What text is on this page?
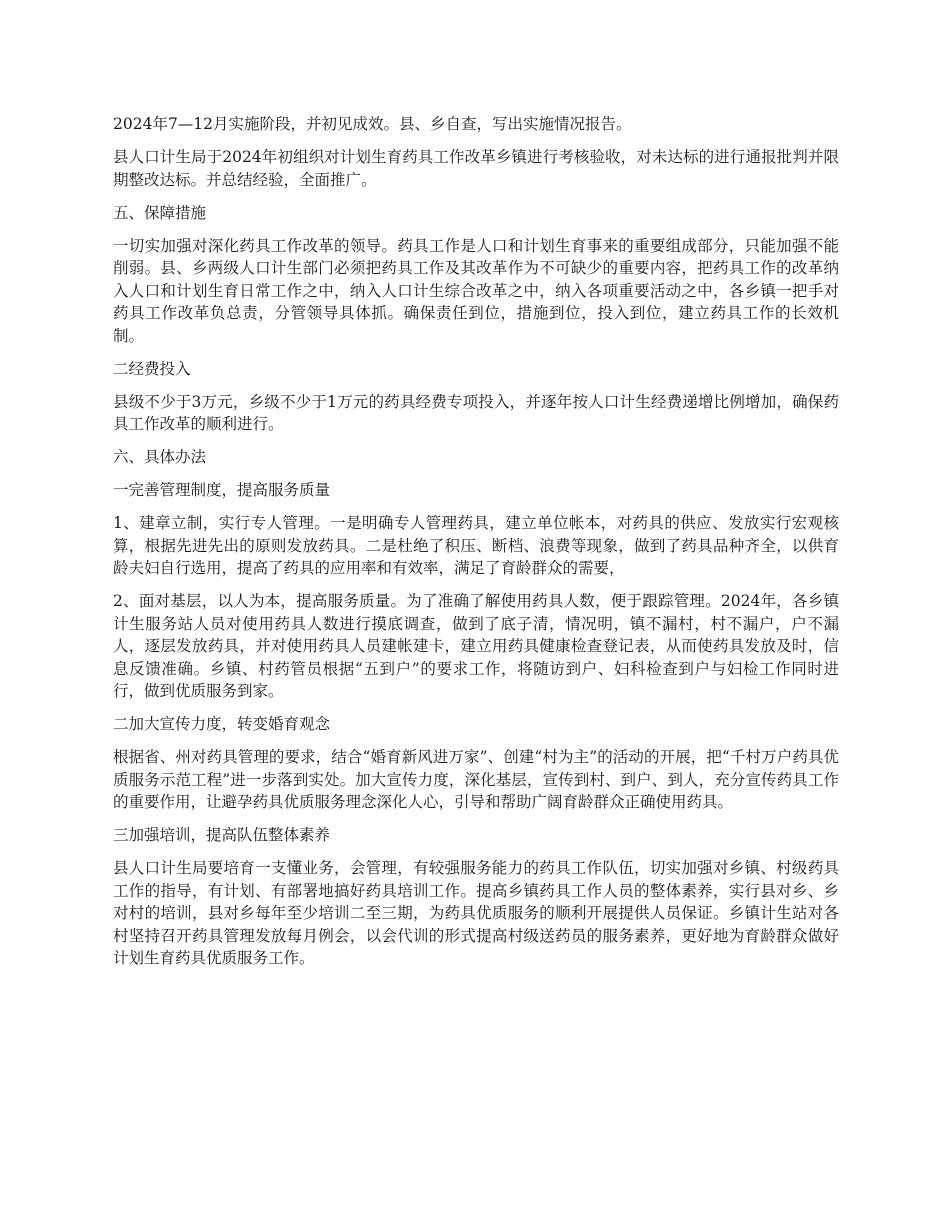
2024年7—12月实施阶段，并初见成效。县、乡自查，写出实施情况报告。

县人口计生局于2024年初组织对计划生育药具工作改革乡镇进行考核验收，对未达标的进行通报批判并限期整改达标。并总结经验，全面推广。

五、保障措施

一切实加强对深化药具工作改革的领导。药具工作是人口和计划生育事来的重要组成部分，只能加强不能削弱。县、乡两级人口计生部门必须把药具工作及其改革作为不可缺少的重要内容，把药具工作的改革纳入人口和计划生育日常工作之中，纳入人口计生综合改革之中，纳入各项重要活动之中，各乡镇一把手对药具工作改革负总责，分管领导具体抓。确保责任到位，措施到位，投入到位，建立药具工作的长效机制。

二经费投入

县级不少于3万元，乡级不少于1万元的药具经费专项投入，并逐年按人口计生经费递增比例增加，确保药具工作改革的顺利进行。

六、具体办法

一完善管理制度，提高服务质量

1、建章立制，实行专人管理。一是明确专人管理药具，建立单位帐本，对药具的供应、发放实行宏观核算，根据先进先出的原则发放药具。二是杜绝了积压、断档、浪费等现象，做到了药具品种齐全，以供育龄夫妇自行选用，提高了药具的应用率和有效率，满足了育龄群众的需要，

2、面对基层，以人为本，提高服务质量。为了准确了解使用药具人数，便于跟踪管理。2024年，各乡镇计生服务站人员对使用药具人数进行摸底调查，做到了底子清，情况明，镇不漏村，村不漏户，户不漏人，逐层发放药具，并对使用药具人员建帐建卡，建立用药具健康检查登记表，从而使药具发放及时，信息反馈准确。乡镇、村药管员根据“五到户”的要求工作，将随访到户、妇科检查到户与妇检工作同时进行，做到优质服务到家。

二加大宣传力度，转变婚育观念

根据省、州对药具管理的要求，结合“婚育新风进万家”、创建“村为主”的活动的开展，把“千村万户药具优质服务示范工程”进一步落到实处。加大宣传力度，深化基层，宣传到村、到户、到人，充分宣传药具工作的重要作用，让避孕药具优质服务理念深化人心，引导和帮助广阔育龄群众正确使用药具。

三加强培训，提高队伍整体素养

县人口计生局要培育一支懂业务，会管理，有较强服务能力的药具工作队伍，切实加强对乡镇、村级药具工作的指导，有计划、有部署地搞好药具培训工作。提高乡镇药具工作人员的整体素养，实行县对乡、乡对村的培训，县对乡每年至少培训二至三期，为药具优质服务的顺利开展提供人员保证。乡镇计生站对各村坚持召开药具管理发放每月例会，以会代训的形式提高村级送药员的服务素养，更好地为育龄群众做好计划生育药具优质服务工作。
